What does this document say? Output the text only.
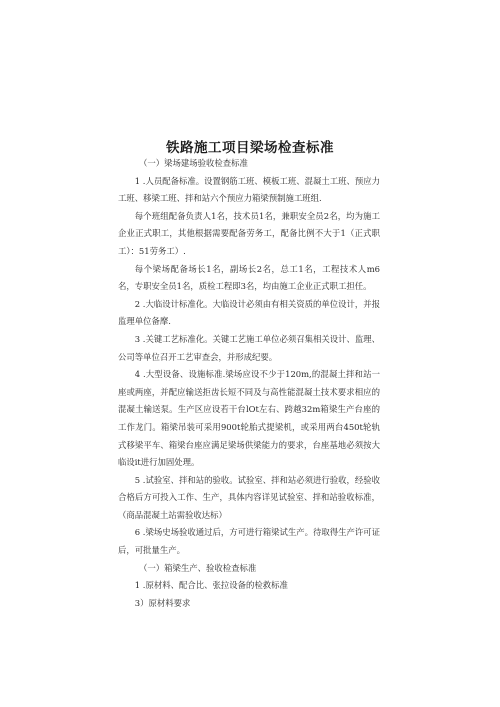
铁路施工项目梁场检查标准

（一）梁场建场验收检查标准

1 .人员配备标准。设置钢筋工班、模板工班、混凝土工班、预应力工班、移梁工班、拌和站六个预应力箱梁预制施工班组.

每个班组配备负责人1名，技术员1名，兼职安全员2名，均为施工企业正式职工，其他根据需要配备劳务工，配备比例不大于1（正式职工）：51劳务工）.

每个梁场配备场长1名，副场长2名，总工1名，工程技术人m6名，专职安全员1名，质检工程即3名，均由施工企业正式职工担任。

2 .大临设计标准化。大临设计必须由有相关资质的单位设计，并报监理单位备摩.

3 .关键工艺标准化。关键工艺施工单位必须召集相关设计、监理、公司等单位召开工艺审查会，并形成纪要。

4 .大型设备、设施标准.梁场应设不少于120m,的混凝土拌和站一座或两座，并配应输送拒齿长短不同及与高性能混凝土技术要求相应的混凝土输送泵。生产区应设若干台lOt左右、跨越32m箱梁生产台座的工作龙门。箱梁吊装可采用900t轮胎式提梁机，或采用两台450t轮轨式移梁平车、箱梁台座应满足梁场供梁能力的要求，台座基地必须按大临设it进行加固处理。

5 .试验室、拌和站的验收。试验室、拌和站必须进行验收，经验收合格后方可投入工作、生产，具体内容详见试验室、拌和站验收标准，（商品混凝土站需验收达标）

6 .梁场史场验收通过后，方可进行箱梁试生产。待取得生产许可证后，可批量生产。

（一）箱梁生产、验收检查标准

1 .原材料、配合比、张拉设备的检救标准

3）原材料要求
